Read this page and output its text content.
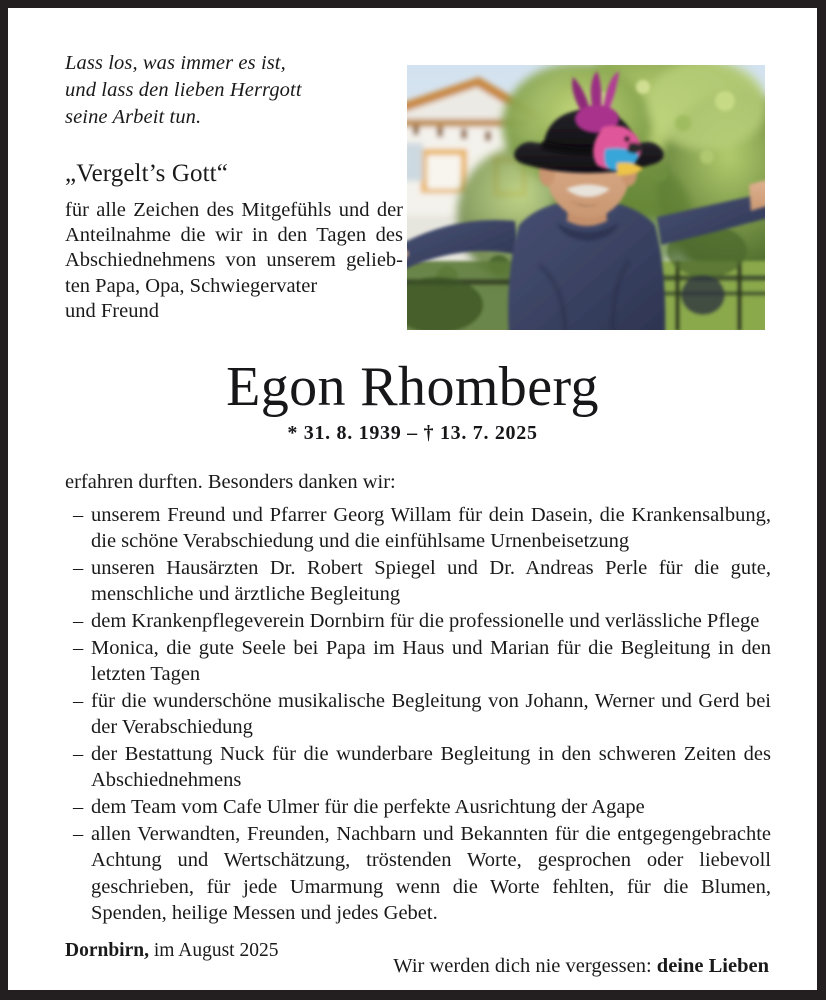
Lass los, was immer es ist,
und lass den lieben Herrgott
seine Arbeit tun.
„Vergelt’s Gott“
für alle Zeichen des Mitgefühls und der Anteilnahme die wir in den Tagen des Abschiednehmens von unserem geliebten Papa, Opa, Schwiegervater
und Freund
Egon Rhomberg
* 31. 8. 1939 – † 13. 7. 2025
erfahren durften. Besonders danken wir:
– unserem Freund und Pfarrer Georg Willam für dein Dasein, die Krankensalbung, die schöne Verabschiedung und die einfühlsame Urnenbeisetzung
– unseren Hausärzten Dr. Robert Spiegel und Dr. Andreas Perle für die gute, menschliche und ärztliche Begleitung
– dem Krankenpflegeverein Dornbirn für die professionelle und verlässliche Pflege
– Monica, die gute Seele bei Papa im Haus und Marian für die Begleitung in den letzten Tagen
– für die wunderschöne musikalische Begleitung von Johann, Werner und Gerd bei der Verabschiedung
– der Bestattung Nuck für die wunderbare Begleitung in den schweren Zeiten des Abschiednehmens
– dem Team vom Cafe Ulmer für die perfekte Ausrichtung der Agape
– allen Verwandten, Freunden, Nachbarn und Bekannten für die entgegengebrachte Achtung und Wertschätzung, tröstenden Worte, gesprochen oder liebevoll geschrieben, für jede Umarmung wenn die Worte fehlten, für die Blumen, Spenden, heilige Messen und jedes Gebet.
Wir werden dich nie vergessen: deine Lieben
Dornbirn, im August 2025
